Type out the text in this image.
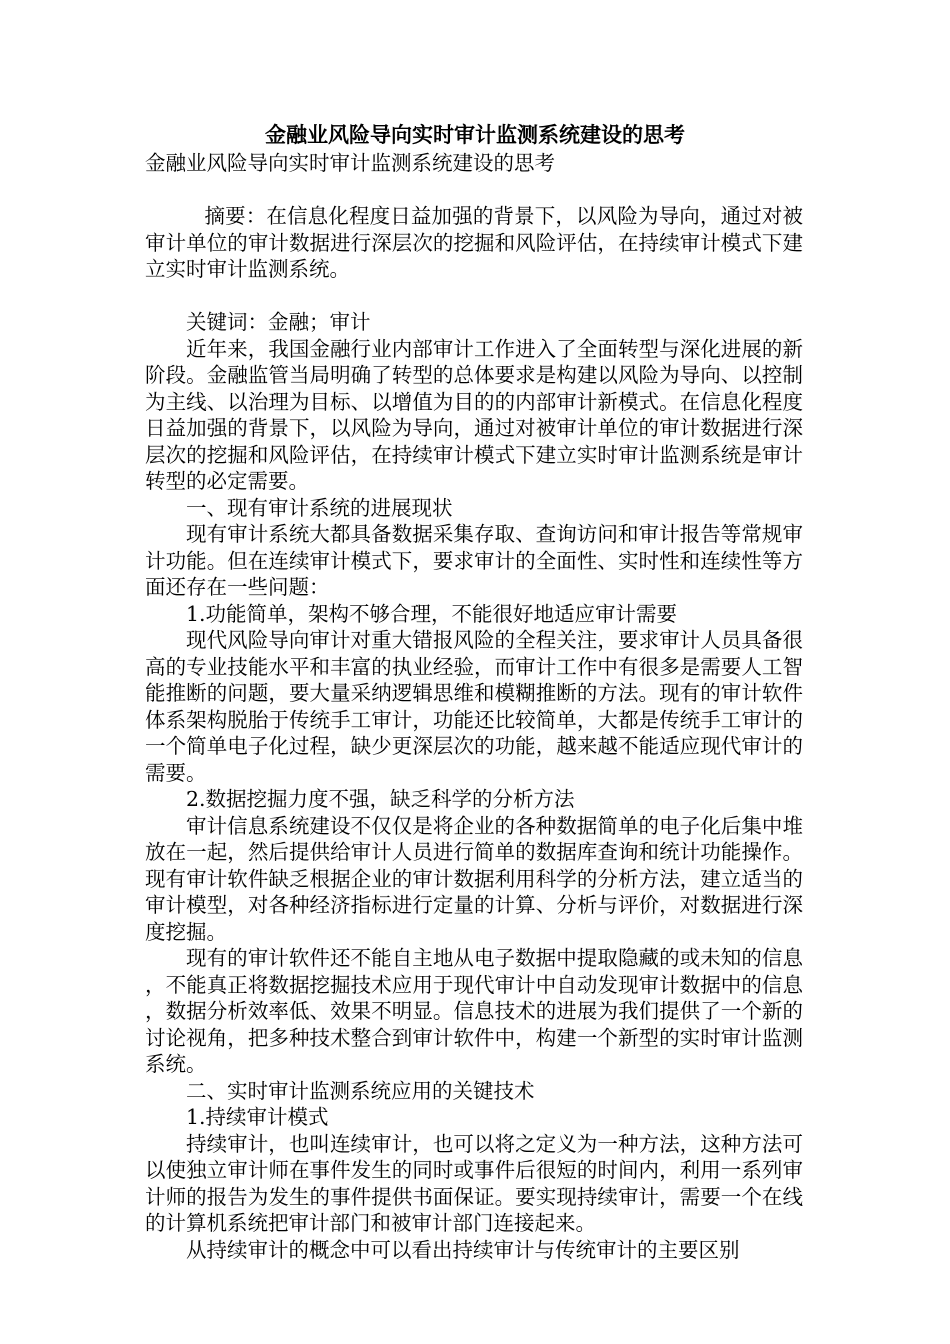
金融业风险导向实时审计监测系统建设的思考

金融业风险导向实时审计监测系统建设的思考

摘要：在信息化程度日益加强的背景下，以风险为导向，通过对被审计单位的审计数据进行深层次的挖掘和风险评估，在持续审计模式下建立实时审计监测系统。

关键词：金融；审计

近年来，我国金融行业内部审计工作进入了全面转型与深化进展的新阶段。金融监管当局明确了转型的总体要求是构建以风险为导向、以控制为主线、以治理为目标、以增值为目的的内部审计新模式。在信息化程度日益加强的背景下，以风险为导向，通过对被审计单位的审计数据进行深层次的挖掘和风险评估，在持续审计模式下建立实时审计监测系统是审计转型的必定需要。

一、现有审计系统的进展现状

现有审计系统大都具备数据采集存取、查询访问和审计报告等常规审计功能。但在连续审计模式下，要求审计的全面性、实时性和连续性等方面还存在一些问题：

1.功能简单，架构不够合理，不能很好地适应审计需要

现代风险导向审计对重大错报风险的全程关注，要求审计人员具备很高的专业技能水平和丰富的执业经验，而审计工作中有很多是需要人工智能推断的问题，要大量采纳逻辑思维和模糊推断的方法。现有的审计软件体系架构脱胎于传统手工审计，功能还比较简单，大都是传统手工审计的一个简单电子化过程，缺少更深层次的功能，越来越不能适应现代审计的需要。

2.数据挖掘力度不强，缺乏科学的分析方法

审计信息系统建设不仅仅是将企业的各种数据简单的电子化后集中堆放在一起，然后提供给审计人员进行简单的数据库查询和统计功能操作。现有审计软件缺乏根据企业的审计数据利用科学的分析方法，建立适当的审计模型，对各种经济指标进行定量的计算、分析与评价，对数据进行深度挖掘。

现有的审计软件还不能自主地从电子数据中提取隐藏的或未知的信息，不能真正将数据挖掘技术应用于现代审计中自动发现审计数据中的信息，数据分析效率低、效果不明显。信息技术的进展为我们提供了一个新的讨论视角，把多种技术整合到审计软件中，构建一个新型的实时审计监测系统。

二、实时审计监测系统应用的关键技术

1.持续审计模式

持续审计，也叫连续审计，也可以将之定义为一种方法，这种方法可以使独立审计师在事件发生的同时或事件后很短的时间内，利用一系列审计师的报告为发生的事件提供书面保证。要实现持续审计，需要一个在线的计算机系统把审计部门和被审计部门连接起来。

从持续审计的概念中可以看出持续审计与传统审计的主要区别
